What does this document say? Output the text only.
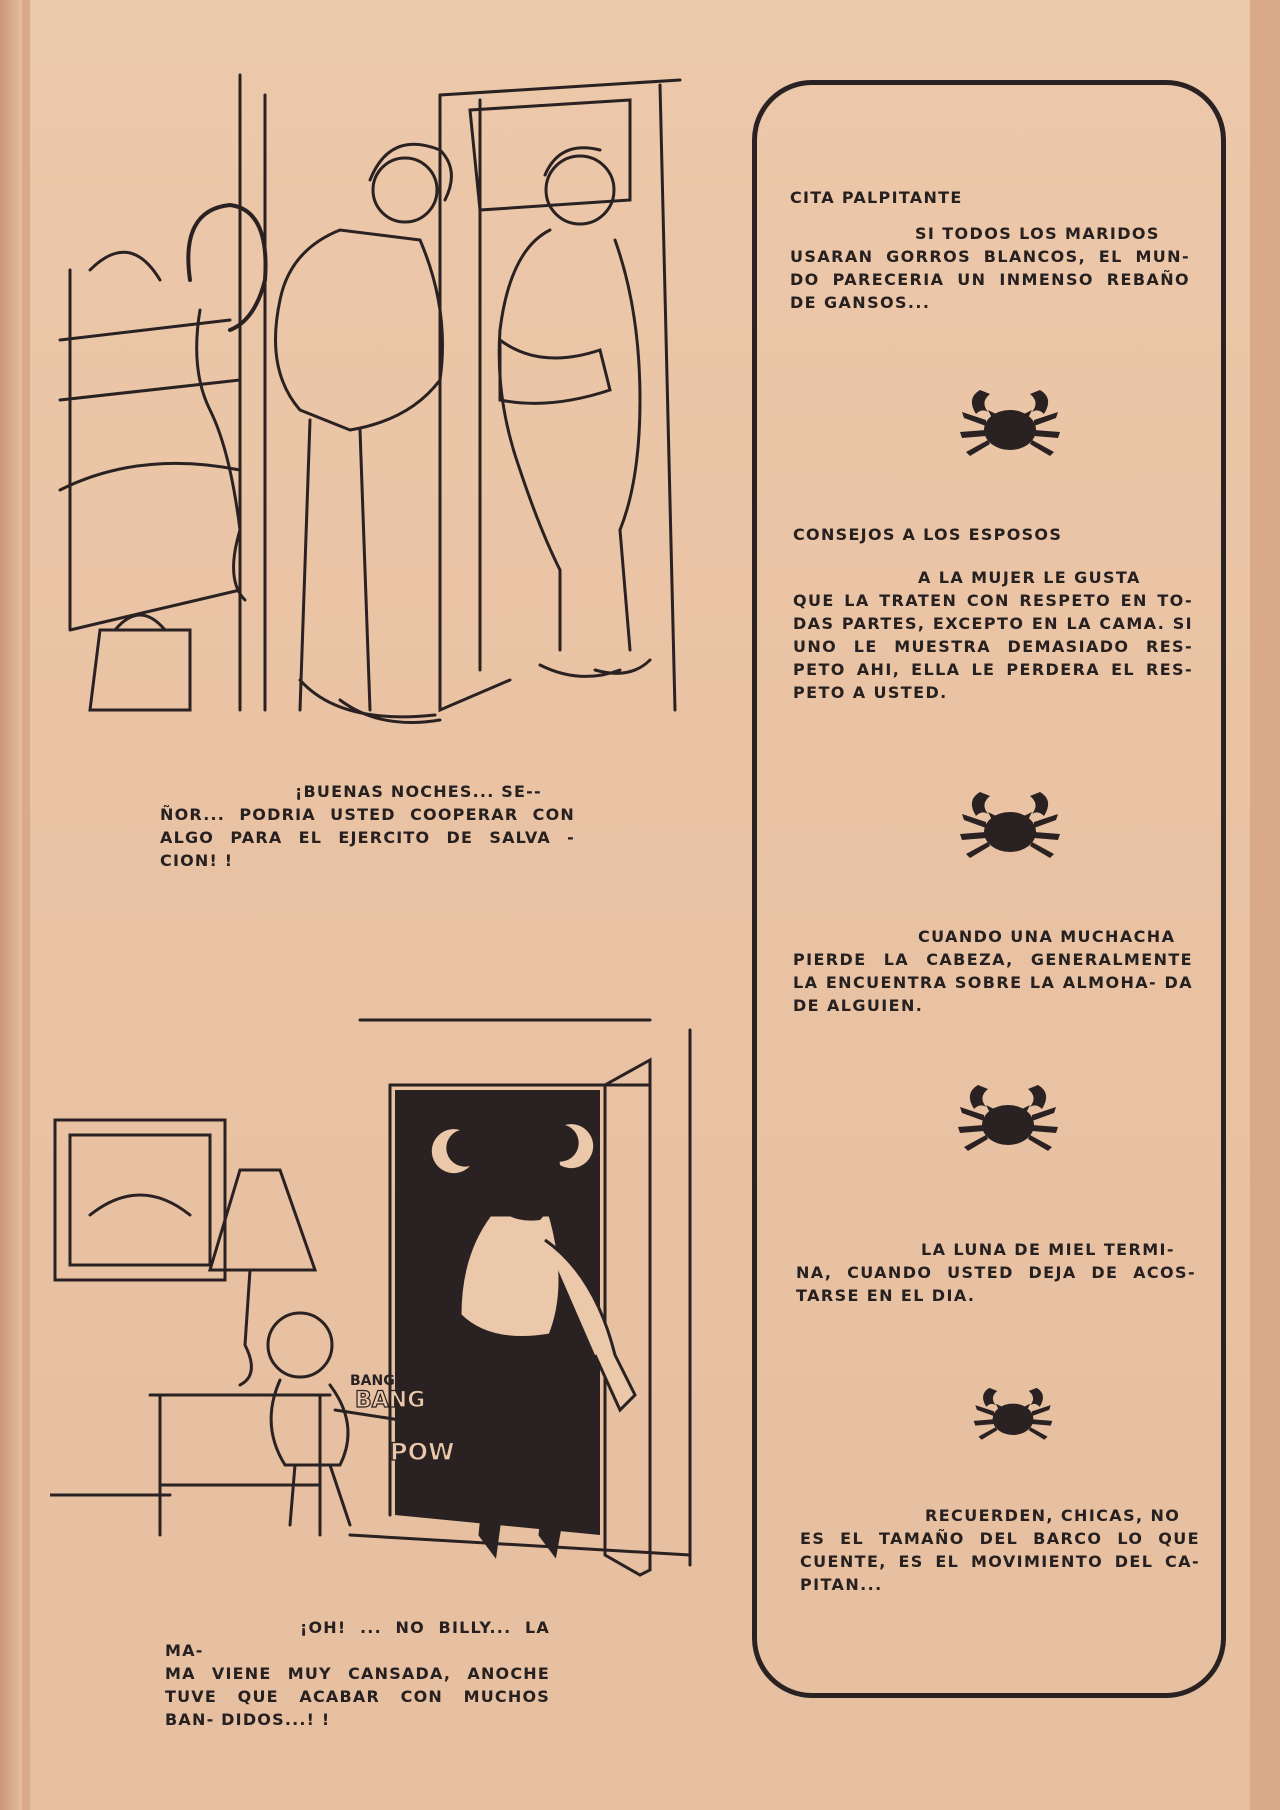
¡BUENAS NOCHES... SE--
ÑOR... PODRIA USTED COOPERAR CON ALGO PARA EL EJERCITO DE SALVA - CION! !
BANG
BANG
POW
¡OH! ... NO BILLY... LA MA-
MA VIENE MUY CANSADA, ANOCHE TUVE QUE ACABAR CON MUCHOS BAN- DIDOS...! !
CITA PALPITANTE
SI TODOS LOS MARIDOS
USARAN GORROS BLANCOS, EL MUN- DO PARECERIA UN INMENSO REBAÑO DE GANSOS...
CONSEJOS A LOS ESPOSOS
A LA MUJER LE GUSTA
QUE LA TRATEN CON RESPETO EN TO- DAS PARTES, EXCEPTO EN LA CAMA. SI UNO LE MUESTRA DEMASIADO RES- PETO AHI, ELLA LE PERDERA EL RES- PETO A USTED.
CUANDO UNA MUCHACHA
PIERDE LA CABEZA, GENERALMENTE LA ENCUENTRA SOBRE LA ALMOHA- DA DE ALGUIEN.
LA LUNA DE MIEL TERMI-
NA, CUANDO USTED DEJA DE ACOS- TARSE EN EL DIA.
RECUERDEN, CHICAS, NO
ES EL TAMAÑO DEL BARCO LO QUE CUENTE, ES EL MOVIMIENTO DEL CA- PITAN...
